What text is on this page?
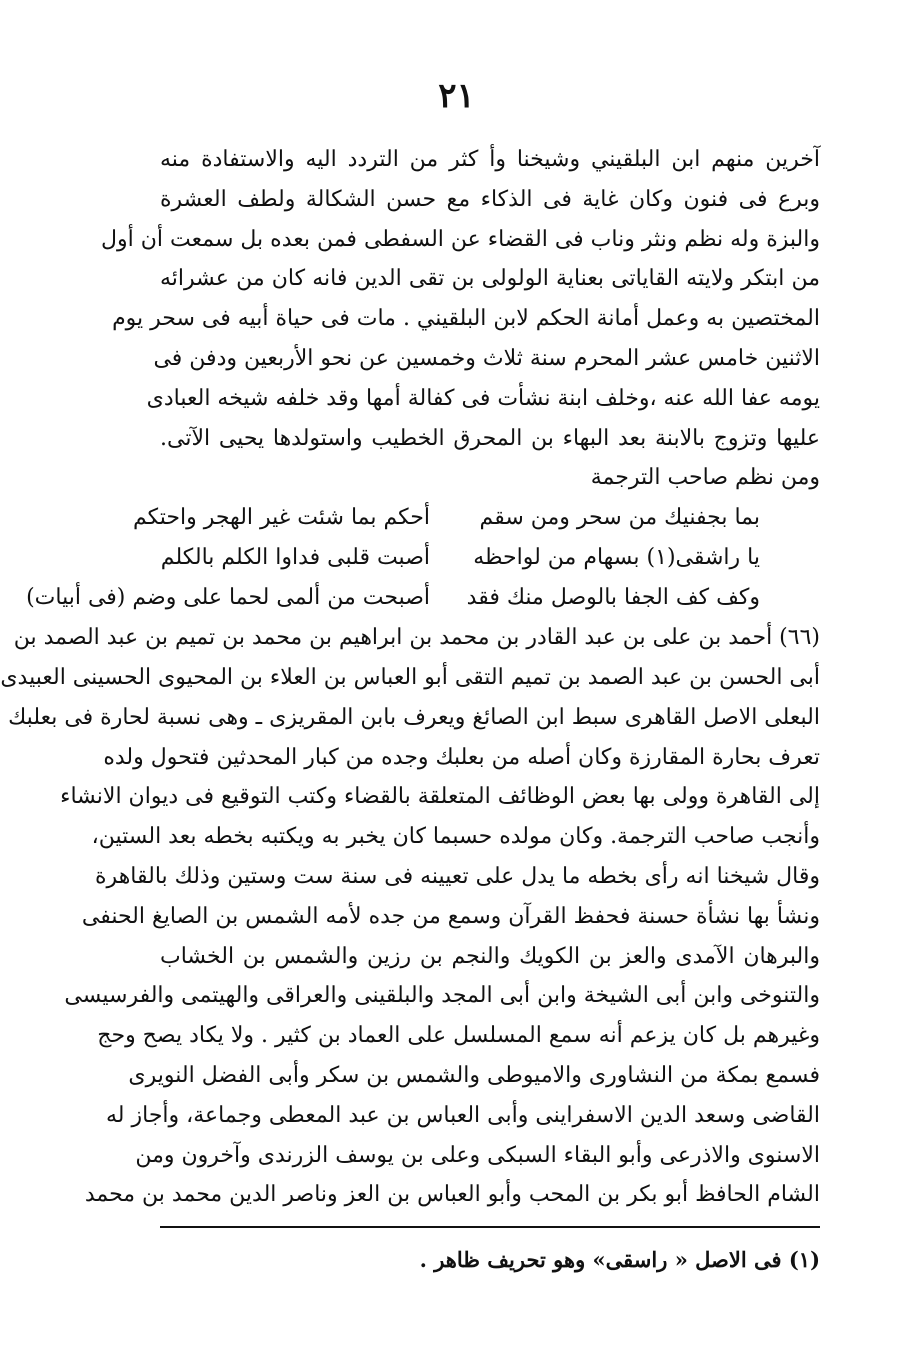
٢١
آخرين منهم ابن البلقيني وشيخنا وأ كثر من التردد اليه والاستفادة منه
وبرع فى فنون وكان غاية فى الذكاء مع حسن الشكالة ولطف العشرة
والبزة وله نظم ونثر وناب فى القضاء عن السفطى فمن بعده بل سمعت أن أول
من ابتكر ولايته القاياتى بعناية الولولى بن تقى الدين فانه كان من عشرائه
المختصين به وعمل أمانة الحكم لابن البلقيني . مات فى حياة أبيه فى سحر يوم
الاثنين خامس عشر المحرم سنة ثلاث وخمسين عن نحو الأربعين ودفن فى
يومه عفا الله عنه ،وخلف ابنة نشأت فى كفالة أمها وقد خلفه شيخه العبادى
عليها وتزوج بالابنة بعد البهاء بن المحرق الخطيب واستولدها يحيى الآتى.
ومن نظم صاحب الترجمة
بما بجفنيك من سحر ومن سقم
أحكم بما شئت غير الهجر واحتكم
يا راشقى(١) بسهام من لواحظه
أصبت قلبى فداوا الكلم بالكلم
وكف كف الجفا بالوصل منك فقد
أصبحت من ألمى لحما على وضم (فى أبيات)
(٦٦) أحمد بن على بن عبد القادر بن محمد بن ابراهيم بن محمد بن تميم بن عبد الصمد بن
أبى الحسن بن عبد الصمد بن تميم التقى أبو العباس بن العلاء بن المحيوى الحسينى العبيدى
البعلى الاصل القاهرى سبط ابن الصائغ ويعرف بابن المقريزى ـ وهى نسبة لحارة فى بعلبك
تعرف بحارة المقارزة وكان أصله من بعلبك وجده من كبار المحدثين فتحول ولده
إلى القاهرة وولى بها بعض الوظائف المتعلقة بالقضاء وكتب التوقيع فى ديوان الانشاء
وأنجب صاحب الترجمة. وكان مولده حسبما كان يخبر به ويكتبه بخطه بعد الستين،
وقال شيخنا انه رأى بخطه ما يدل على تعيينه فى سنة ست وستين وذلك بالقاهرة
ونشأ بها نشأة حسنة فحفظ القرآن وسمع من جده لأمه الشمس بن الصايغ الحنفى
والبرهان الآمدى والعز بن الكويك والنجم بن رزين والشمس بن الخشاب
والتنوخى وابن أبى الشيخة وابن أبى المجد والبلقينى والعراقى والهيتمى والفرسيسى
وغيرهم بل كان يزعم أنه سمع المسلسل على العماد بن كثير . ولا يكاد يصح وحج
فسمع بمكة من النشاورى والاميوطى والشمس بن سكر وأبى الفضل النويرى
القاضى وسعد الدين الاسفراينى وأبى العباس بن عبد المعطى وجماعة، وأجاز له
الاسنوى والاذرعى وأبو البقاء السبكى وعلى بن يوسف الزرندى وآخرون ومن
الشام الحافظ أبو بكر بن المحب وأبو العباس بن العز وناصر الدين محمد بن محمد
(١) فى الاصل « راسقى» وهو تحريف ظاهر .
